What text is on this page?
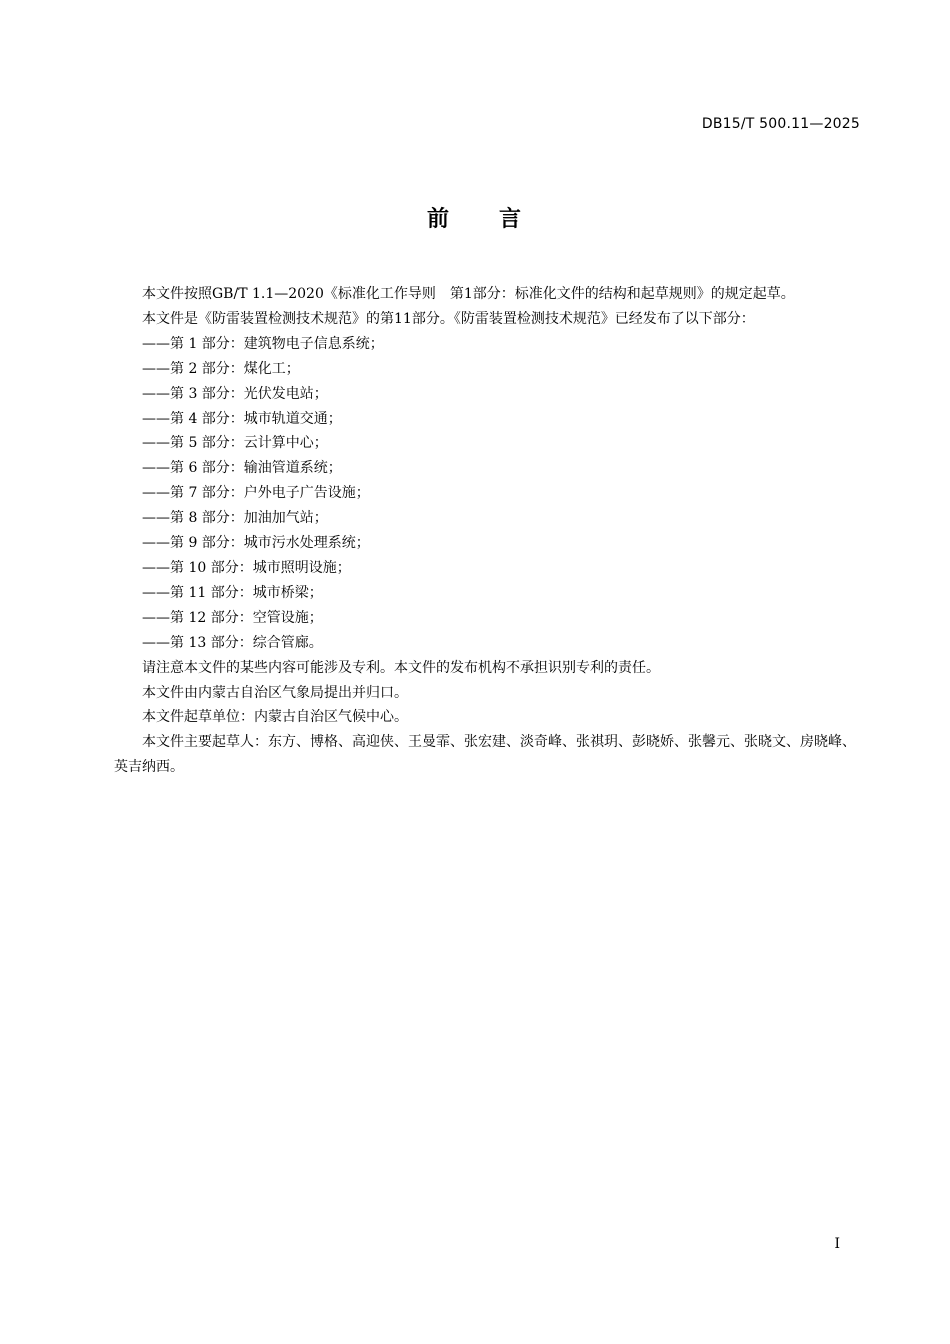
DB15/T 500.11—2025
前　　言

本文件按照GB/T 1.1—2020《标准化工作导则　第1部分：标准化文件的结构和起草规则》的规定起草。

本文件是《防雷装置检测技术规范》的第11部分。《防雷装置检测技术规范》已经发布了以下部分：

——第 1 部分：建筑物电子信息系统；
——第 2 部分：煤化工；
——第 3 部分：光伏发电站；
——第 4 部分：城市轨道交通；
——第 5 部分：云计算中心；
——第 6 部分：输油管道系统；
——第 7 部分：户外电子广告设施；
——第 8 部分：加油加气站；
——第 9 部分：城市污水处理系统；
——第 10 部分：城市照明设施；
——第 11 部分：城市桥梁；
——第 12 部分：空管设施；
——第 13 部分：综合管廊。

请注意本文件的某些内容可能涉及专利。本文件的发布机构不承担识别专利的责任。

本文件由内蒙古自治区气象局提出并归口。

本文件起草单位：内蒙古自治区气候中心。

本文件主要起草人：东方、博格、高迎侠、王曼霏、张宏建、淡奇峰、张祺玥、彭晓娇、张馨元、张晓文、房晓峰、英吉纳西。

I
